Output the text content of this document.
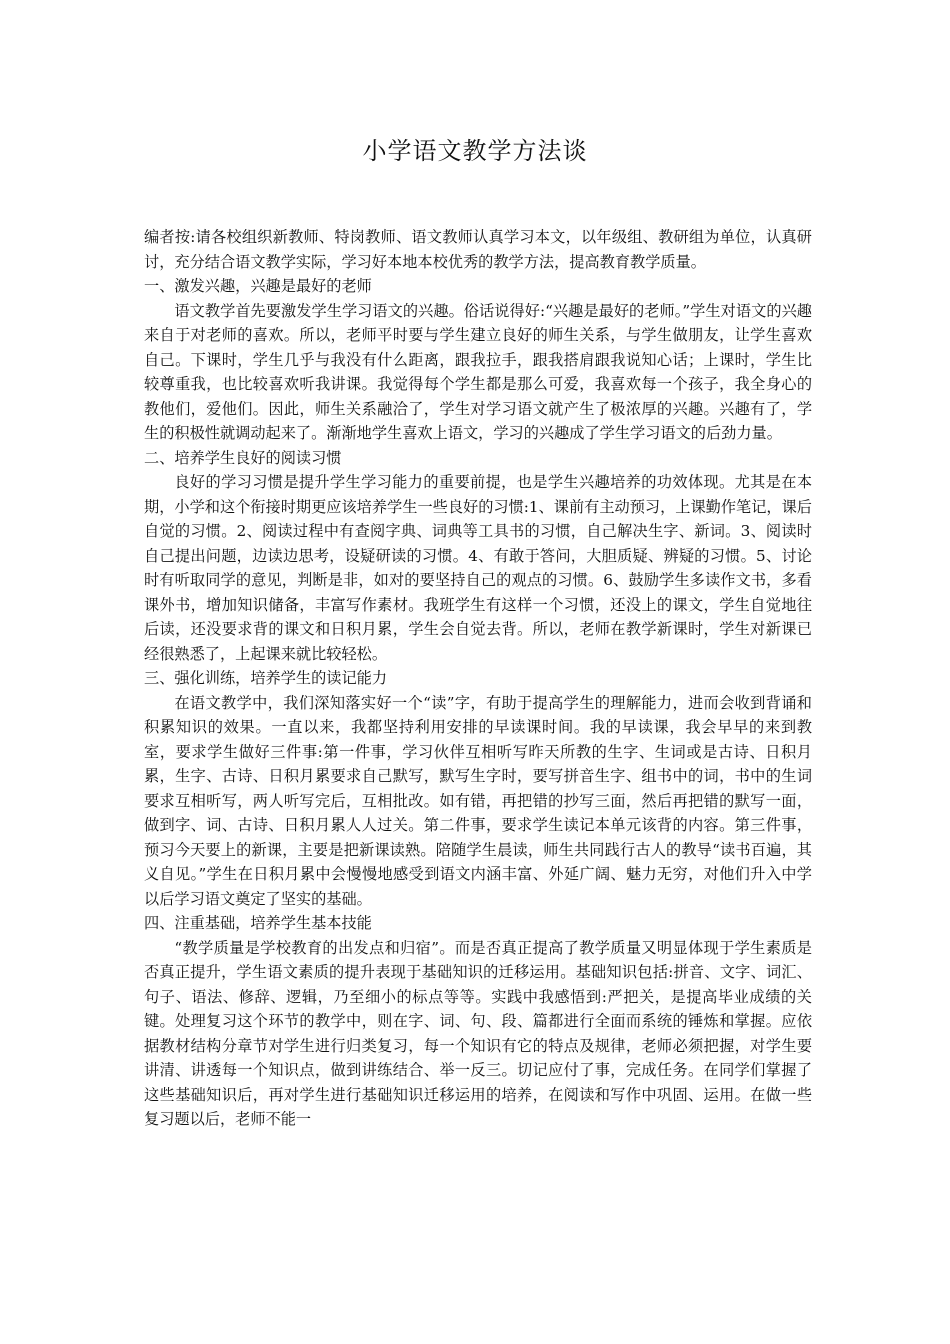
小学语文教学方法谈

编者按:请各校组织新教师、特岗教师、语文教师认真学习本文，以年级组、教研组为单位，认真研讨，充分结合语文教学实际，学习好本地本校优秀的教学方法，提高教育教学质量。

一、激发兴趣，兴趣是最好的老师

语文教学首先要激发学生学习语文的兴趣。俗话说得好:“兴趣是最好的老师。”学生对语文的兴趣来自于对老师的喜欢。所以，老师平时要与学生建立良好的师生关系，与学生做朋友，让学生喜欢自己。下课时，学生几乎与我没有什么距离，跟我拉手，跟我搭肩跟我说知心话；上课时，学生比较尊重我，也比较喜欢听我讲课。我觉得每个学生都是那么可爱，我喜欢每一个孩子，我全身心的教他们，爱他们。因此，师生关系融洽了，学生对学习语文就产生了极浓厚的兴趣。兴趣有了，学生的积极性就调动起来了。渐渐地学生喜欢上语文，学习的兴趣成了学生学习语文的后劲力量。

二、培养学生良好的阅读习惯

良好的学习习惯是提升学生学习能力的重要前提，也是学生兴趣培养的功效体现。尤其是在本期，小学和这个衔接时期更应该培养学生一些良好的习惯:1、课前有主动预习，上课勤作笔记，课后自觉的习惯。2、阅读过程中有查阅字典、词典等工具书的习惯，自己解决生字、新词。3、阅读时自己提出问题，边读边思考，设疑研读的习惯。4、有敢于答问，大胆质疑、辨疑的习惯。5、讨论时有听取同学的意见，判断是非，如对的要坚持自己的观点的习惯。6、鼓励学生多读作文书，多看课外书，增加知识储备，丰富写作素材。我班学生有这样一个习惯，还没上的课文，学生自觉地往后读，还没要求背的课文和日积月累，学生会自觉去背。所以，老师在教学新课时，学生对新课已经很熟悉了，上起课来就比较轻松。

三、强化训练，培养学生的读记能力

在语文教学中，我们深知落实好一个“读”字，有助于提高学生的理解能力，进而会收到背诵和积累知识的效果。一直以来，我都坚持利用安排的早读课时间。我的早读课，我会早早的来到教室，要求学生做好三件事:第一件事，学习伙伴互相听写昨天所教的生字、生词或是古诗、日积月累，生字、古诗、日积月累要求自己默写，默写生字时，要写拼音生字、组书中的词，书中的生词要求互相听写，两人听写完后，互相批改。如有错，再把错的抄写三面，然后再把错的默写一面，做到字、词、古诗、日积月累人人过关。第二件事，要求学生读记本单元该背的内容。第三件事，预习今天要上的新课，主要是把新课读熟。陪随学生晨读，师生共同践行古人的教导“读书百遍，其义自见。”学生在日积月累中会慢慢地感受到语文内涵丰富、外延广阔、魅力无穷，对他们升入中学以后学习语文奠定了坚实的基础。

四、注重基础，培养学生基本技能

“教学质量是学校教育的出发点和归宿”。而是否真正提高了教学质量又明显体现于学生素质是否真正提升，学生语文素质的提升表现于基础知识的迁移运用。基础知识包括:拼音、文字、词汇、句子、语法、修辞、逻辑，乃至细小的标点等等。实践中我感悟到:严把关，是提高毕业成绩的关键。处理复习这个环节的教学中，则在字、词、句、段、篇都进行全面而系统的锤炼和掌握。应依据教材结构分章节对学生进行归类复习，每一个知识有它的特点及规律，老师必须把握，对学生要讲清、讲透每一个知识点，做到讲练结合、举一反三。切记应付了事，完成任务。在同学们掌握了这些基础知识后，再对学生进行基础知识迁移运用的培养，在阅读和写作中巩固、运用。在做一些复习题以后，老师不能一
